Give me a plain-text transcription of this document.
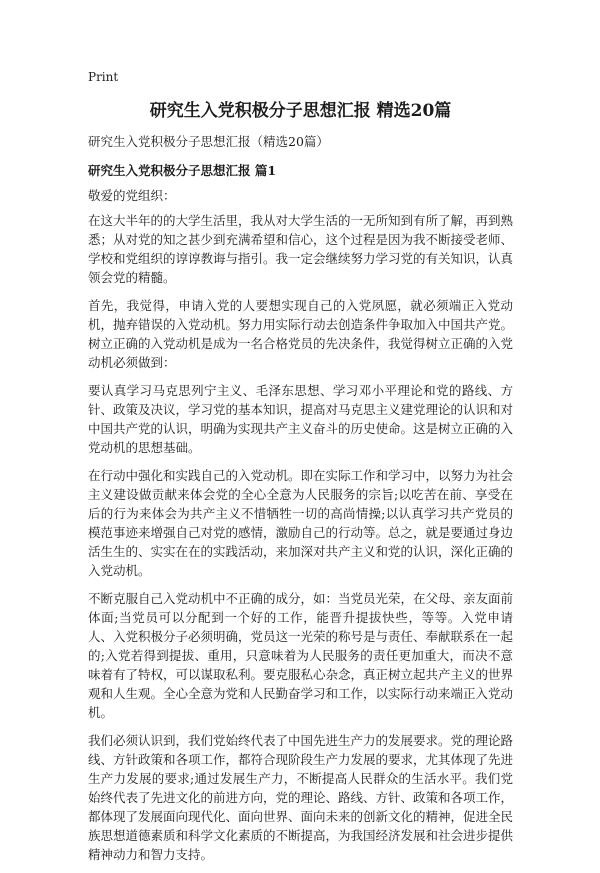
Print
研究生入党积极分子思想汇报 精选20篇
研究生入党积极分子思想汇报（精选20篇）
研究生入党积极分子思想汇报 篇1
敬爱的党组织：

在这大半年的的大学生活里，我从对大学生活的一无所知到有所了解，再到熟悉；从对党的知之甚少到充满希望和信心，这个过程是因为我不断接受老师、学校和党组织的谆谆教诲与指引。我一定会继续努力学习党的有关知识，认真领会党的精髓。

首先，我觉得，申请入党的人要想实现自己的入党夙愿，就必须端正入党动机，抛弃错误的入党动机。努力用实际行动去创造条件争取加入中国共产党。树立正确的入党动机是成为一名合格党员的先决条件，我觉得树立正确的入党动机必须做到：

要认真学习马克思列宁主义、毛泽东思想、学习邓小平理论和党的路线、方针、政策及决议，学习党的基本知识，提高对马克思主义建党理论的认识和对中国共产党的认识，明确为实现共产主义奋斗的历史使命。这是树立正确的入党动机的思想基础。

在行动中强化和实践自己的入党动机。即在实际工作和学习中，以努力为社会主义建设做贡献来体会党的全心全意为人民服务的宗旨;以吃苦在前、享受在后的行为来体会为共产主义不惜牺牲一切的高尚情操;以认真学习共产党员的模范事迹来增强自己对党的感情，激励自己的行动等。总之，就是要通过身边活生生的、实实在在的实践活动，来加深对共产主义和党的认识，深化正确的入党动机。

不断克服自己入党动机中不正确的成分，如：当党员光荣，在父母、亲友面前体面;当党员可以分配到一个好的工作，能晋升提拔快些，等等。入党申请人、入党积极分子必须明确，党员这一光荣的称号是与责任、奉献联系在一起的;入党若得到提拔、重用，只意味着为人民服务的责任更加重大，而决不意味着有了特权，可以谋取私利。要克服私心杂念，真正树立起共产主义的世界观和人生观。全心全意为党和人民勤奋学习和工作，以实际行动来端正入党动机。

我们必须认识到，我们党始终代表了中国先进生产力的发展要求。党的理论路线、方针政策和各项工作，都符合现阶段生产力发展的要求，尤其体现了先进生产力发展的要求;通过发展生产力，不断提高人民群众的生活水平。我们党始终代表了先进文化的前进方向，党的理论、路线、方针、政策和各项工作，都体现了发展面向现代化、面向世界、面向未来的创新文化的精神，促进全民族思想道德素质和科学文化素质的不断提高，为我国经济发展和社会进步提供精神动力和智力支持。
